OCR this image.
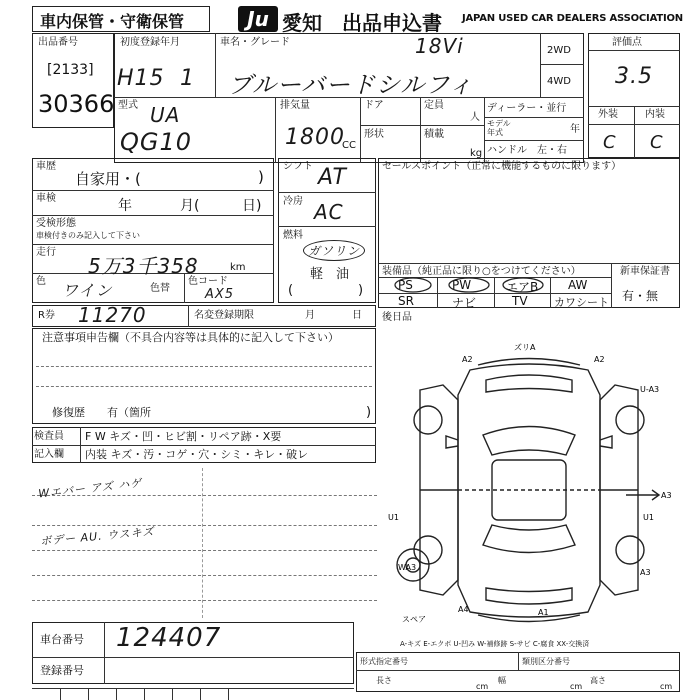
車内保管・守衛保管	Ju 愛知 出品申込書 JAPAN USED CAR DEALERS ASSOCIATION
出品番号
[2133]
30366
初度登録年月
H15 1
車名・グレード	18Vi
ブルーバードシルフィ
2WD
4WD
評価点
3.5
外装	内装
C C
型式 UA
QG10
排気量
1800
CC
ドア	定員
人
形状	積載
kg
ディーラー・並行
モデル
年式	年
ハンドル　左・右
車歴
自家用・(	)
車検	年	月(	日)
受検形態
車検付きのみ記入して下さい
走行
5万3千358	km
色 ワイン	色替
色コード
AX5
シフト AT
冷房 AC
燃料
ガソリン
軽　油
(	)
セールスポイント（正常に機能するものに限ります）
装備品（純正品に限り○をつけてください）
PS	PW	エアB AW
SR	ナビ	TV カワシート
新車保証書
有・無
R券 11270	名変登録期限	月	日 後日品
注意事項申告欄（不具合内容等は具体的に記入して下さい）
修復歴　　有（箇所	)
検査員
記入欄
F W キズ・凹・ヒビ割・リペア跡・X要
内装 キズ・汚・コゲ・穴・シミ・キレ・破レ
Wエバー アズ ハゲ
ボデー AU. ウスキズ
車台番号 124407
登録番号
A-キズ E-エクボ U-凹み W-補修跡 S-サビ C-腐食 XX-交換済
形式指定番号	類別区分番号
長さ
cm
幅
cm
高さ
cm
A2
ズリA
A2
U-A3
A3
U1	U1
WA3
A3
A4	A1
スペア
